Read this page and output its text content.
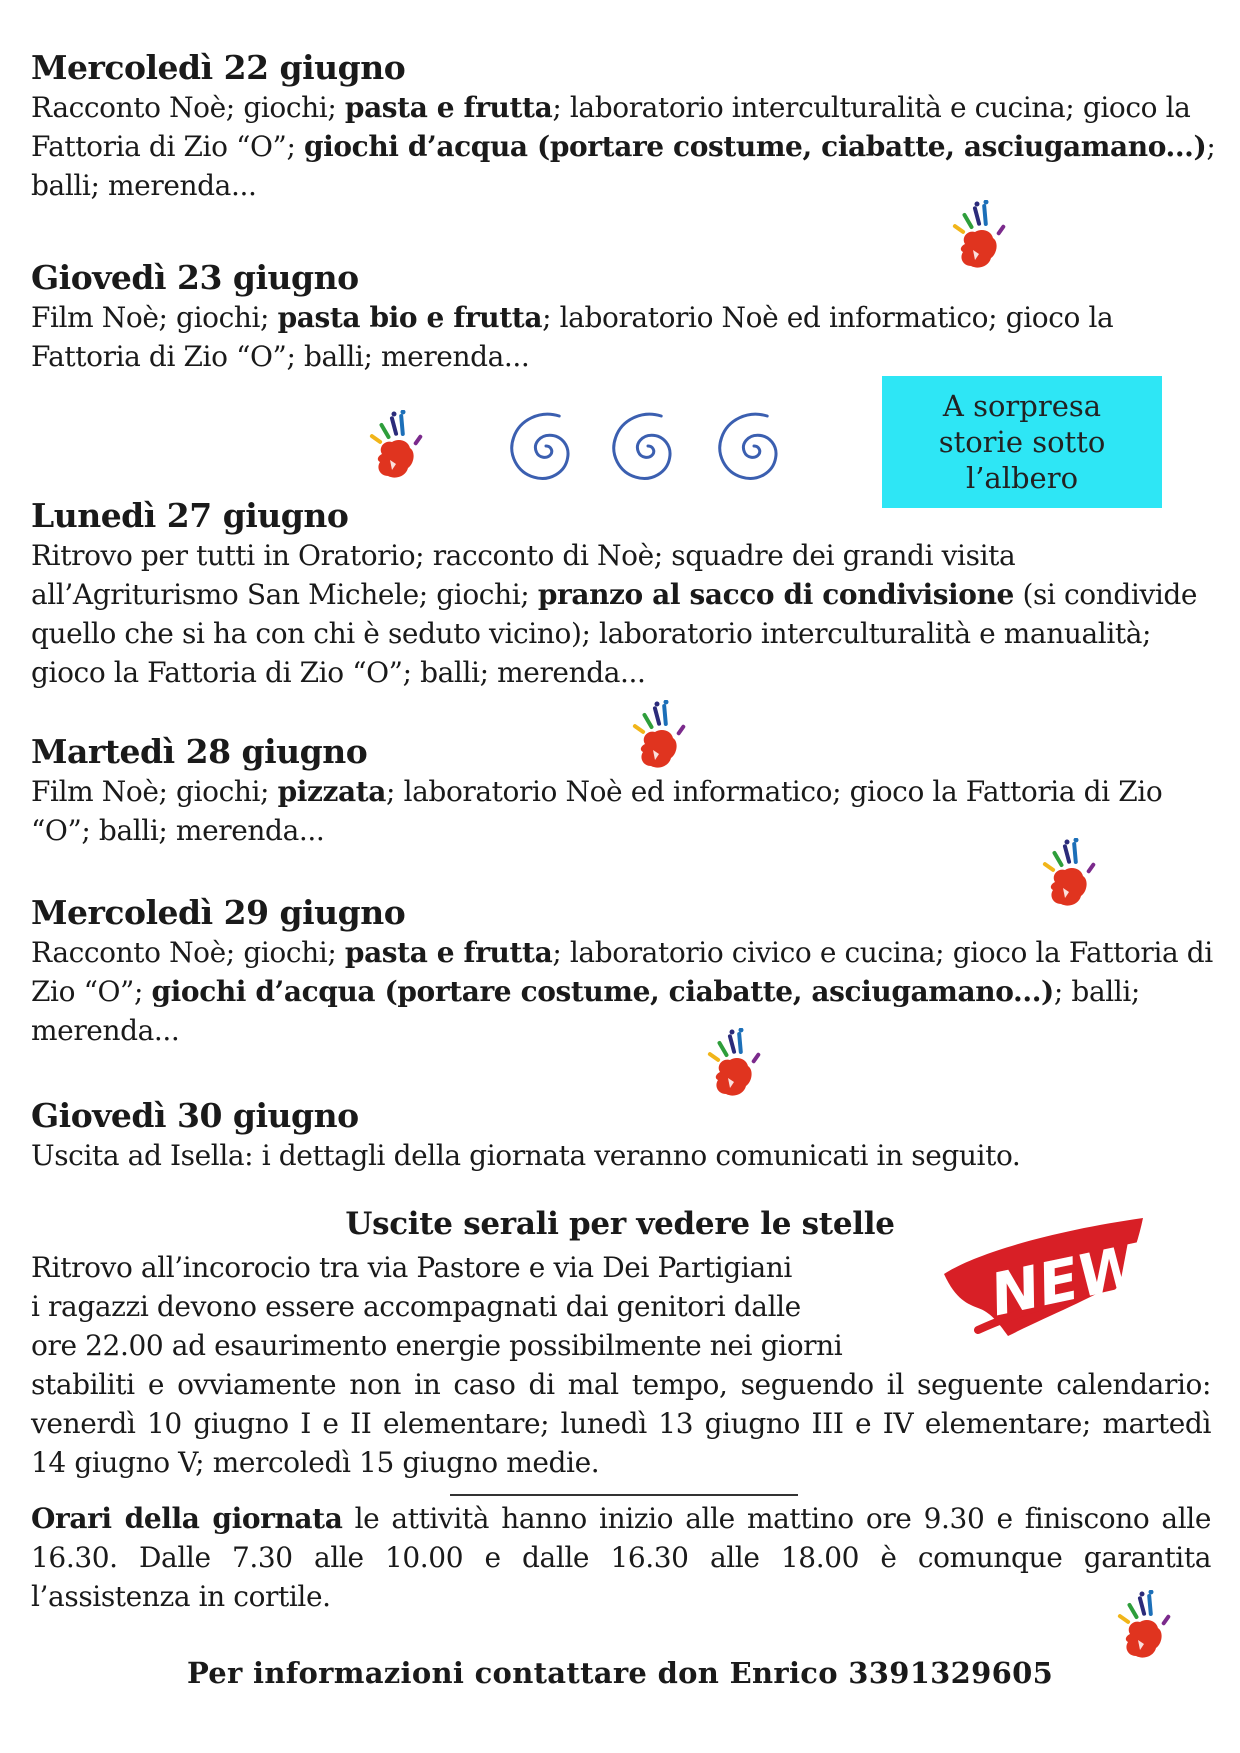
Mercoledì 22 giugno

Racconto Noè; giochi; pasta e frutta; laboratorio interculturalità e cucina; gioco la Fattoria di Zio “O”; giochi d’acqua (portare costume, ciabatte, asciugamano...); balli; merenda...

Giovedì 23 giugno

Film Noè; giochi; pasta bio e frutta; laboratorio Noè ed informatico; gioco la Fattoria di Zio “O”; balli; merenda...

A sorpresa
storie sotto
l’albero
Lunedì 27 giugno

Ritrovo per tutti in Oratorio; racconto di Noè; squadre dei grandi visita all’Agriturismo San Michele; giochi; pranzo al sacco di condivisione (si condivide quello che si ha con chi è seduto vicino); laboratorio interculturalità e manualità; gioco la Fattoria di Zio “O”; balli; merenda...

Martedì 28 giugno

Film Noè; giochi; pizzata; laboratorio Noè ed informatico; gioco la Fattoria di Zio “O”; balli; merenda...

Mercoledì 29 giugno

Racconto Noè; giochi; pasta e frutta; laboratorio civico e cucina; gioco la Fattoria di Zio “O”; giochi d’acqua (portare costume, ciabatte, asciugamano...); balli; merenda...

Giovedì 30 giugno

Uscita ad Isella: i dettagli della giornata veranno comunicati in seguito.

Uscite serali per vedere le stelle
Ritrovo all’incorocio tra via Pastore e via Dei Partigiani
i ragazzi devono essere accompagnati dai genitori dalle
ore 22.00 ad esaurimento energie possibilmente nei giorni

stabiliti e ovviamente non in caso di mal tempo, seguendo il seguente calendario: venerdì 10 giugno I e II elementare; lunedì 13 giugno III e IV elementare; martedì 14 giugno V; mercoledì 15 giugno medie.

NEW

Orari della giornata le attività hanno inizio alle mattino ore 9.30 e finiscono alle 16.30. Dalle 7.30 alle 10.00 e dalle 16.30 alle 18.00 è comunque garantita l’assistenza in cortile.

Per informazioni contattare don Enrico 3391329605
